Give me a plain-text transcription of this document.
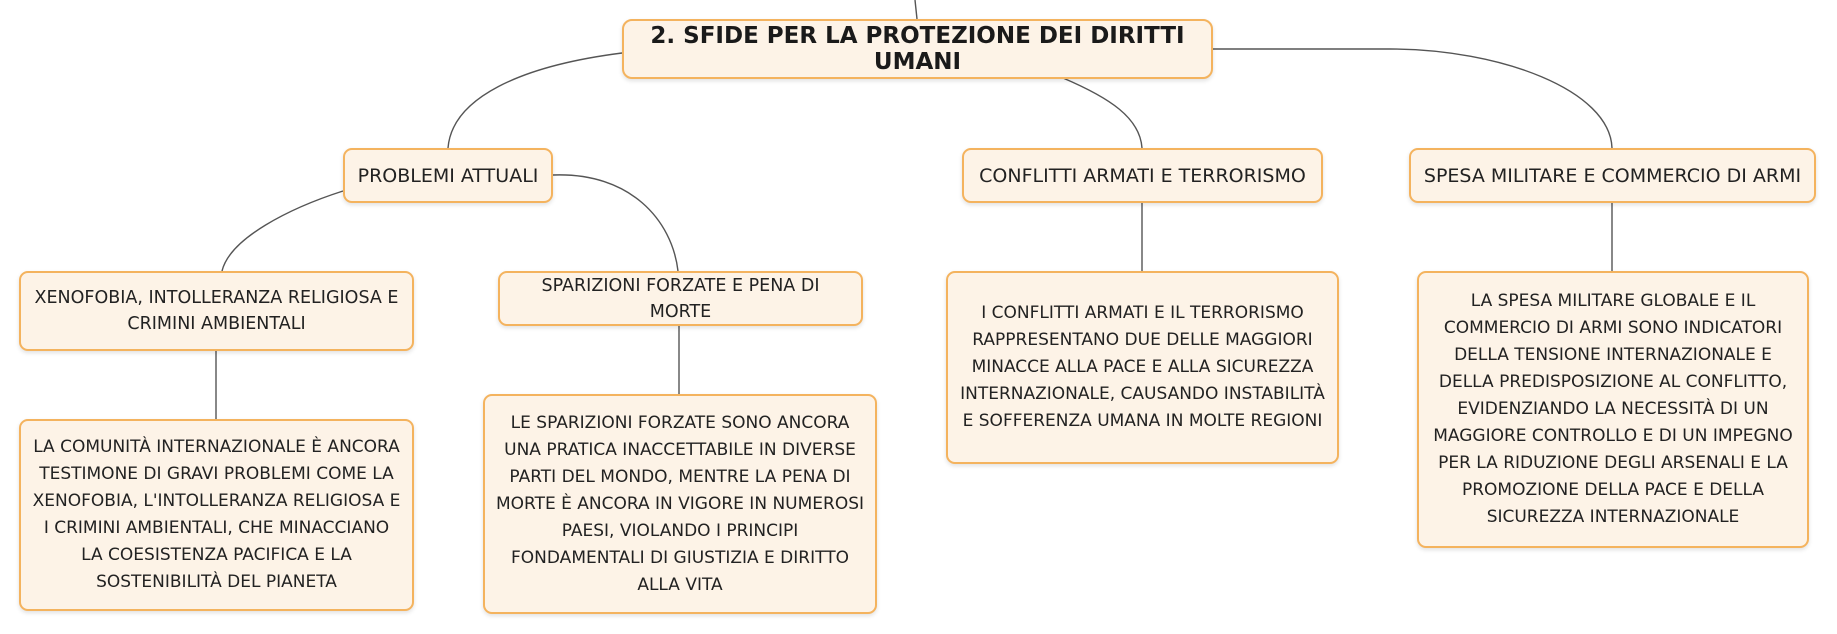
2. SFIDE PER LA PROTEZIONE DEI DIRITTI UMANI
PROBLEMI ATTUALI	CONFLITTI ARMATI E TERRORISMO	SPESA MILITARE E COMMERCIO DI ARMI
XENOFOBIA, INTOLLERANZA RELIGIOSA E CRIMINI AMBIENTALI
SPARIZIONI FORZATE E PENA DI MORTE
LA COMUNITÀ INTERNAZIONALE È ANCORA TESTIMONE DI GRAVI PROBLEMI COME LA XENOFOBIA, L'INTOLLERANZA RELIGIOSA E I CRIMINI AMBIENTALI, CHE MINACCIANO LA COESISTENZA PACIFICA E LA SOSTENIBILITÀ DEL PIANETA
LE SPARIZIONI FORZATE SONO ANCORA UNA PRATICA INACCETTABILE IN DIVERSE PARTI DEL MONDO, MENTRE LA PENA DI MORTE È ANCORA IN VIGORE IN NUMEROSI PAESI, VIOLANDO I PRINCIPI FONDAMENTALI DI GIUSTIZIA E DIRITTO ALLA VITA
I CONFLITTI ARMATI E IL TERRORISMO RAPPRESENTANO DUE DELLE MAGGIORI MINACCE ALLA PACE E ALLA SICUREZZA INTERNAZIONALE, CAUSANDO INSTABILITÀ E SOFFERENZA UMANA IN MOLTE REGIONI
LA SPESA MILITARE GLOBALE E IL COMMERCIO DI ARMI SONO INDICATORI DELLA TENSIONE INTERNAZIONALE E DELLA PREDISPOSIZIONE AL CONFLITTO, EVIDENZIANDO LA NECESSITÀ DI UN MAGGIORE CONTROLLO E DI UN IMPEGNO PER LA RIDUZIONE DEGLI ARSENALI E LA PROMOZIONE DELLA PACE E DELLA SICUREZZA INTERNAZIONALE
